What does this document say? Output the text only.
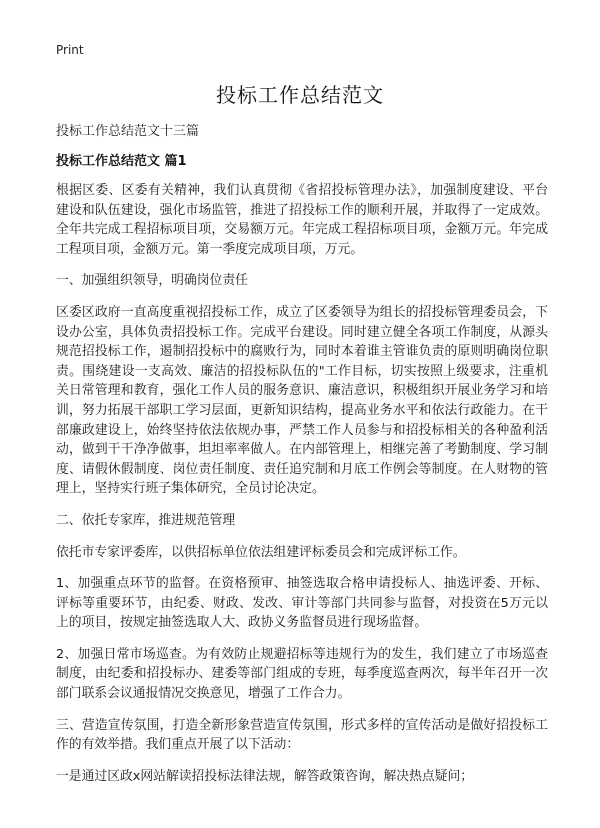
Print
投标工作总结范文
投标工作总结范文十三篇
投标工作总结范文 篇1

根据区委、区委有关精神，我们认真贯彻《省招投标管理办法》，加强制度建设、平台建设和队伍建设，强化市场监管，推进了招投标工作的顺利开展，并取得了一定成效。全年共完成工程招标项目项，交易额万元。年完成工程招标项目项，金额万元。年完成工程项目项，金额万元。第一季度完成项目项，万元。

一、加强组织领导，明确岗位责任

区委区政府一直高度重视招投标工作，成立了区委领导为组长的招投标管理委员会，下设办公室，具体负责招投标工作。完成平台建设。同时建立健全各项工作制度，从源头规范招投标工作，遏制招投标中的腐败行为，同时本着谁主管谁负责的原则明确岗位职责。围绕建设一支高效、廉洁的招投标队伍的"工作目标，切实按照上级要求，注重机关日常管理和教育，强化工作人员的服务意识、廉洁意识，积极组织开展业务学习和培训，努力拓展干部职工学习层面，更新知识结构，提高业务水平和依法行政能力。在干部廉政建设上，始终坚持依法依规办事，严禁工作人员参与和招投标相关的各种盈利活动，做到干干净净做事，坦坦率率做人。在内部管理上，相继完善了考勤制度、学习制度、请假休假制度、岗位责任制度、责任追究制和月底工作例会等制度。在人财物的管理上，坚持实行班子集体研究，全员讨论决定。

二、依托专家库，推进规范管理

依托市专家评委库，以供招标单位依法组建评标委员会和完成评标工作。

1、加强重点环节的监督。在资格预审、抽签选取合格申请投标人、抽选评委、开标、评标等重要环节，由纪委、财政、发改、审计等部门共同参与监督，对投资在5万元以上的项目，按规定抽签选取人大、政协义务监督员进行现场监督。

2、加强日常市场巡查。为有效防止规避招标等违规行为的发生，我们建立了市场巡查制度，由纪委和招投标办、建委等部门组成的专班，每季度巡查两次，每半年召开一次部门联系会议通报情况交换意见，增强了工作合力。

三、营造宣传氛围，打造全新形象营造宣传氛围，形式多样的宣传活动是做好招投标工作的有效举措。我们重点开展了以下活动：

一是通过区政x网站解读招投标法律法规，解答政策咨询，解决热点疑问；
